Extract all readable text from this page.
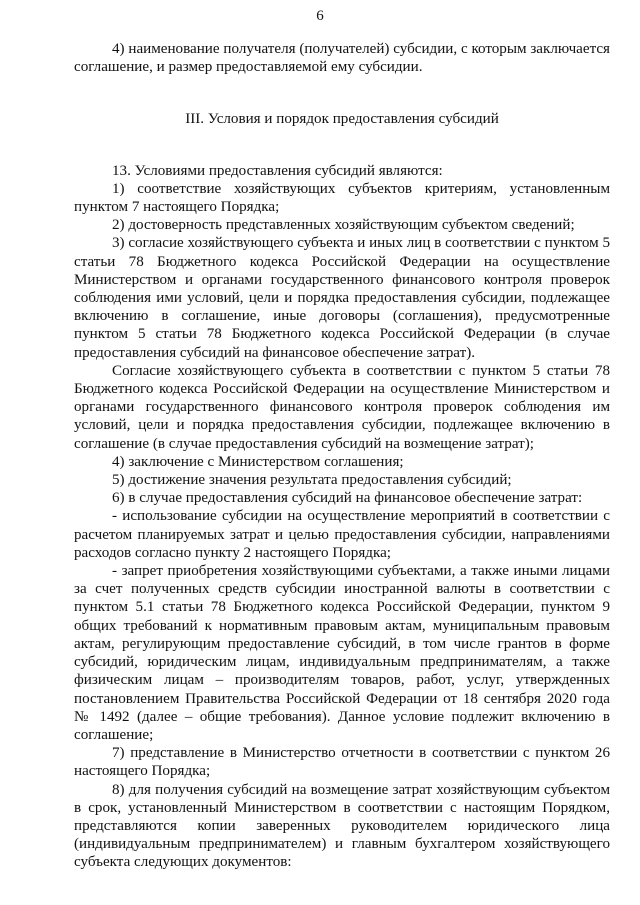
6

4) наименование получателя (получателей) субсидии, с которым заключается соглашение, и размер предоставляемой ему субсидии.

III. Условия и порядок предоставления субсидий

13. Условиями предоставления субсидий являются:

1) соответствие хозяйствующих субъектов критериям, установленным пунктом 7 настоящего Порядка;

2) достоверность представленных хозяйствующим субъектом сведений;

3) согласие хозяйствующего субъекта и иных лиц в соответствии с пунктом 5 статьи 78 Бюджетного кодекса Российской Федерации на осуществление Министерством и органами государственного финансового контроля проверок соблюдения ими условий, цели и порядка предоставления субсидии, подлежащее включению в соглашение, иные договоры (соглашения), предусмотренные пунктом 5 статьи 78 Бюджетного кодекса Российской Федерации (в случае предоставления субсидий на финансовое обеспечение затрат).

Согласие хозяйствующего субъекта в соответствии с пунктом 5 статьи 78 Бюджетного кодекса Российской Федерации на осуществление Министерством и органами государственного финансового контроля проверок соблюдения им условий, цели и порядка предоставления субсидии, подлежащее включению в соглашение (в случае предоставления субсидий на возмещение затрат);

4) заключение с Министерством соглашения;

5) достижение значения результата предоставления субсидий;

6) в случае предоставления субсидий на финансовое обеспечение затрат:

- использование субсидии на осуществление мероприятий в соответствии с расчетом планируемых затрат и целью предоставления субсидии, направлениями расходов согласно пункту 2 настоящего Порядка;

- запрет приобретения хозяйствующими субъектами, а также иными лицами за счет полученных средств субсидии иностранной валюты в соответствии с пунктом 5.1 статьи 78 Бюджетного кодекса Российской Федерации, пунктом 9 общих требований к нормативным правовым актам, муниципальным правовым актам, регулирующим предоставление субсидий, в том числе грантов в форме субсидий, юридическим лицам, индивидуальным предпринимателям, а также физическим лицам – производителям товаров, работ, услуг, утвержденных постановлением Правительства Российской Федерации от 18 сентября 2020 года № 1492 (далее – общие требования). Данное условие подлежит включению в соглашение;

7) представление в Министерство отчетности в соответствии с пунктом 26 настоящего Порядка;

8) для получения субсидий на возмещение затрат хозяйствующим субъектом в срок, установленный Министерством в соответствии с настоящим Порядком, представляются копии заверенных руководителем юридического лица (индивидуальным предпринимателем) и главным бухгалтером хозяйствующего субъекта следующих документов:
